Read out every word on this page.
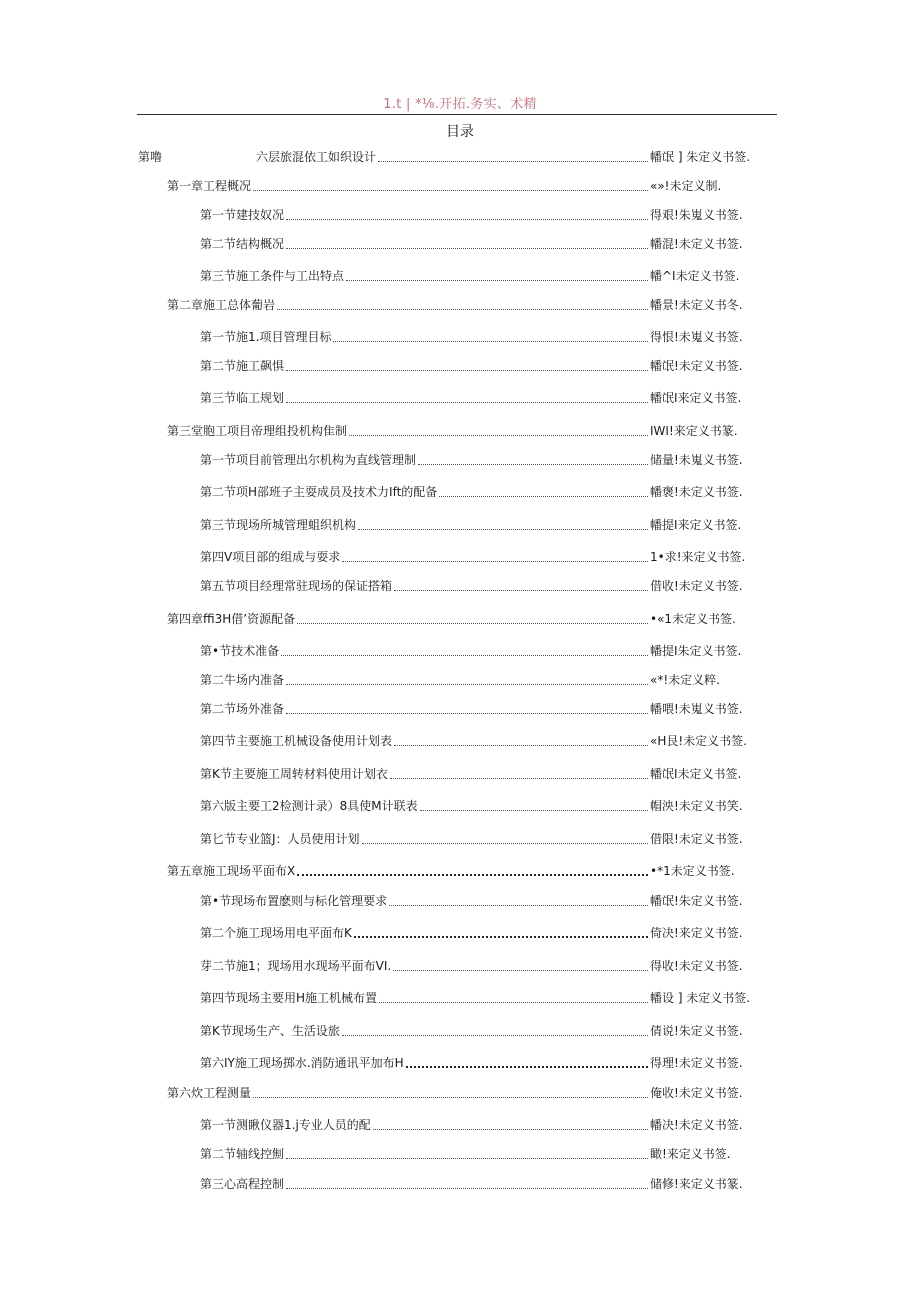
1.t | *⅛.开拓.务实、术精
目录
第噜	六层旅混依工如织设计	幡氓 ] 朱定义书签.
第一章工程概况	«»!未定义制.
第一节建技奴况	得艰!朱嵬义书签.
第二节结构概况	幡混!未定义书签.
第三节施工条件与工出特点	幡^I未定义书签.
第二章施工总体葡岩	幡景!未定义书冬.
第一节施1.项目管理目标	得恨!未嵬义书签.
第二节施工飙惧	幡氓!未定义书签.
第三节临工规划	幡氓I来定义书签.
第三堂胞工项目帝理组投机构隹制	IWI!来定义书篆.
第一节项目前管理出尔机构为直线管理制	储量!未嵬义书签.
第二节项H部班子主耍成员及技术力Ift的配备	幡褒!未定义书签.
第三节现场所城管理蛆织机构	幡提I来定义书签.
第四V项目部的组成与耍求	1•求!来定义书签.
第五节项目经理常驻现场的保证搭箱	借收!未定义书签.
第四章ffi3H借’资源配备	•«1未定义书签.
第•节技术准备	幡提I朱定义书签.
第二牛场内准备	«*!未定义粹.
第二节场外准备	幡喂!未嵬义书签.
第四节主要施工机械设备使用计划表	«H艮!未定义书签.
第K节主要施工周转材料使用计划衣	幡氓I未定义书签.
第六版主要工2检测计录）8具使M计联表	帽泱!未定义书笑.
第匕节专业篮J：人员使用计划	借限!未定义书签.
第五章施工现场平面布X	•*1未定义书签.
第•节现场布置麽则与标化管理要求	幡氓!朱定义书签.
第二个施工现场用电平面布K	倚决!来定义书签.
芽二节施1；现场用水现场平面布VI.	得收!未定义书签.
第四节现场主要用H施工机械布置	幡设 ] 未定义书签.
第K节现场生产、生活设旅	倩说!朱定义书签.
第六IY施工现场掷水.消防通讯平加布H	得理!未定义书签.
第六炊工程测量	俺收!未定义书签.
第一节测瞅仪器1.j专业人员的配	幡决!未定义书签.
第二节轴线控劁	瞰!来定义书签.
第三心高程控制	储修!来定义书篆.
